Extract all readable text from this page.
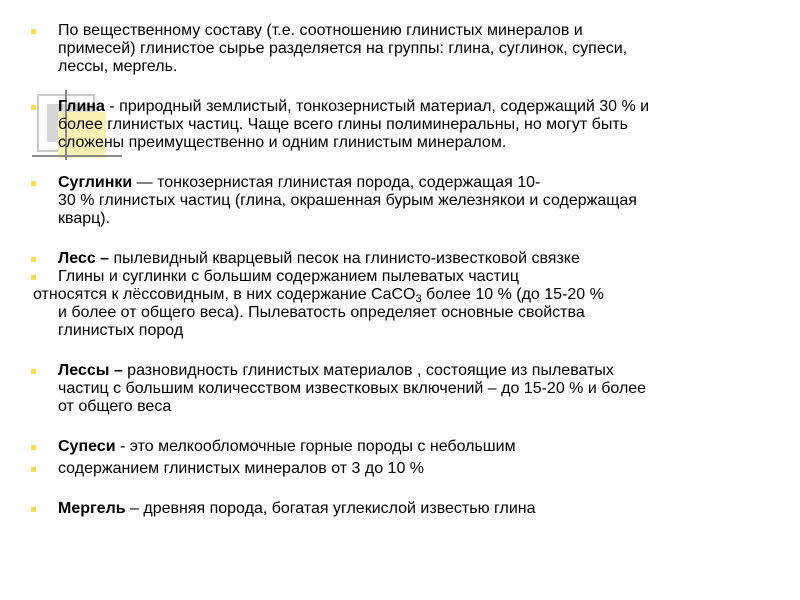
По вещественному составу (т.е. соотношению глинистых минералов и
примесей) глинистое сырье разделяется на группы: глина, суглинок, супеси,
лессы, мергель.
Глина - природный землистый, тонкозернистый материал, содержащий 30 % и
более глинистых частиц. Чаще всего глины полиминеральны, но могут быть
сложены преимущественно и одним глинистым минералом.
Суглинки — тонкозернистая глинистая порода, содержащая 10-
30 % глинистых частиц (глина, окрашенная бурым железнякои и содержащая
кварц).
Лесс – пылевидный кварцевый песок на глинисто-известковой связке
Глины и суглинки с большим содержанием пылеватых частиц
относятся к лёссовидным, в них содержание CaCO$_3$ более 10 % (до 15-20 %
и более от общего веса). Пылеватость определяет основные свойства
глинистых пород
Лессы – разновидность глинистых материалов , состоящие из пылеватых
частиц с большим количесством известковых включений – до 15-20 % и более
от общего веса
Супеси - это мелкообломочные горные породы с небольшим
содержанием глинистых минералов от 3 до 10 %
Мергель – древняя порода, богатая углекислой известью глина
